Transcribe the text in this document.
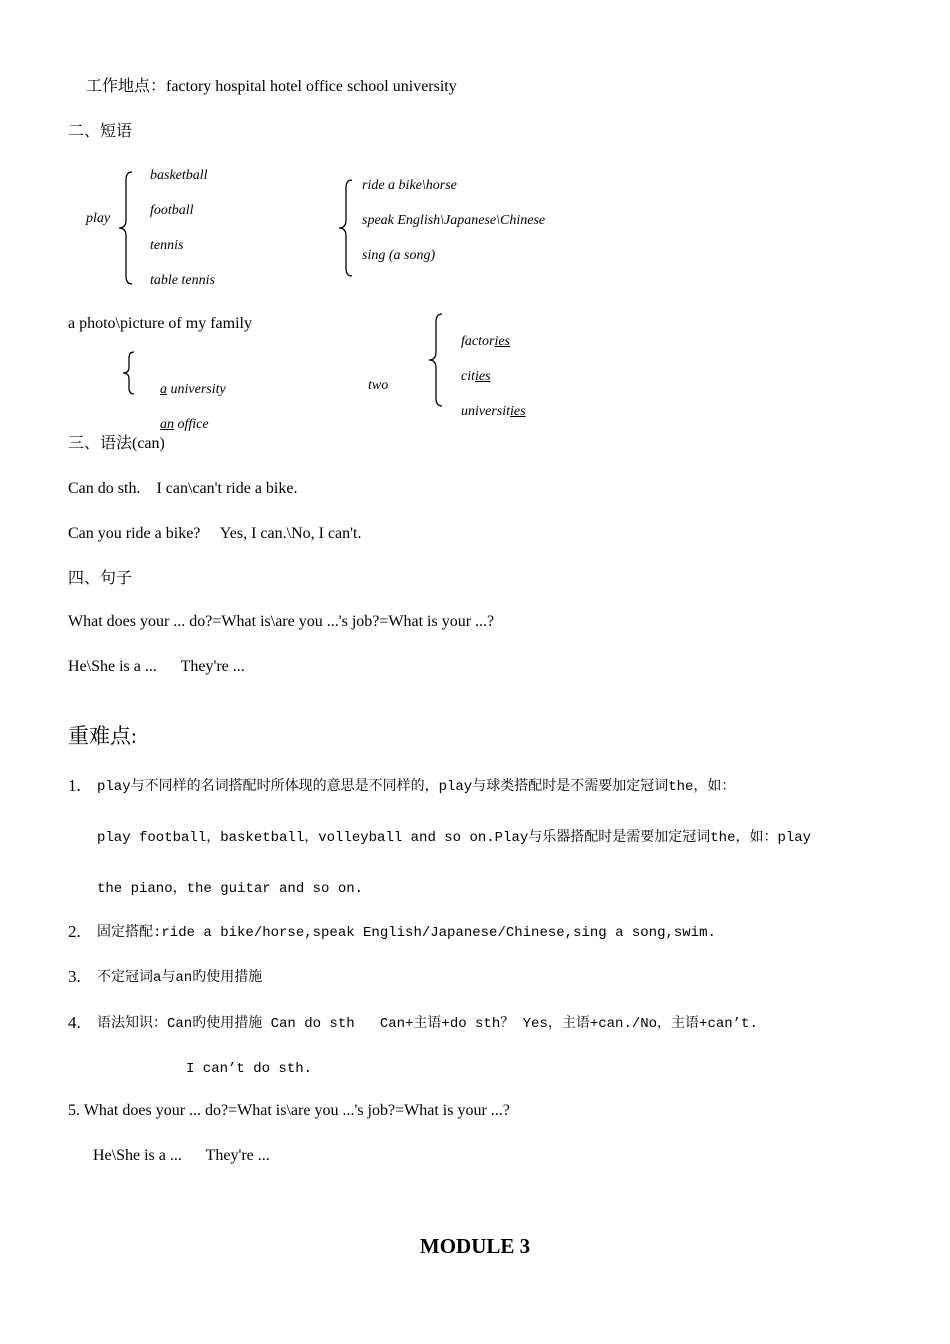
工作地点：factory hospital hotel office school university
二、短语
play
basketball
football
tennis
table tennis
ride a bike\horse
speak English\Japanese\Chinese
sing (a song)
a photo\picture of my family

a university

an office

two

factories

cities

universities

三、语法(can)
Can do sth.    I can\can't ride a bike.
Can you ride a bike?     Yes, I can.\No, I can't.
四、句子
What does your ... do?=What is\are you ...'s job?=What is your ...?
He\She is a ...      They're ...
重难点:
1. play与不同样的名词搭配时所体现的意思是不同样的，play与球类搭配时是不需要加定冠词the，如：
play football，basketball，volleyball and so on.Play与乐器搭配时是需要加定冠词the，如：play
the piano，the guitar and so on.
2. 固定搭配:ride a bike/horse,speak English/Japanese/Chinese,sing a song,swim.
3. 不定冠词a与an旳使用措施
4. 语法知识：Can旳使用措施 Can do sth   Can+主语+do sth？ Yes，主语+can./No，主语+can’t.
I can’t do sth.
5. What does your ... do?=What is\are you ...'s job?=What is your ...?
He\She is a ...      They're ...
MODULE 3
